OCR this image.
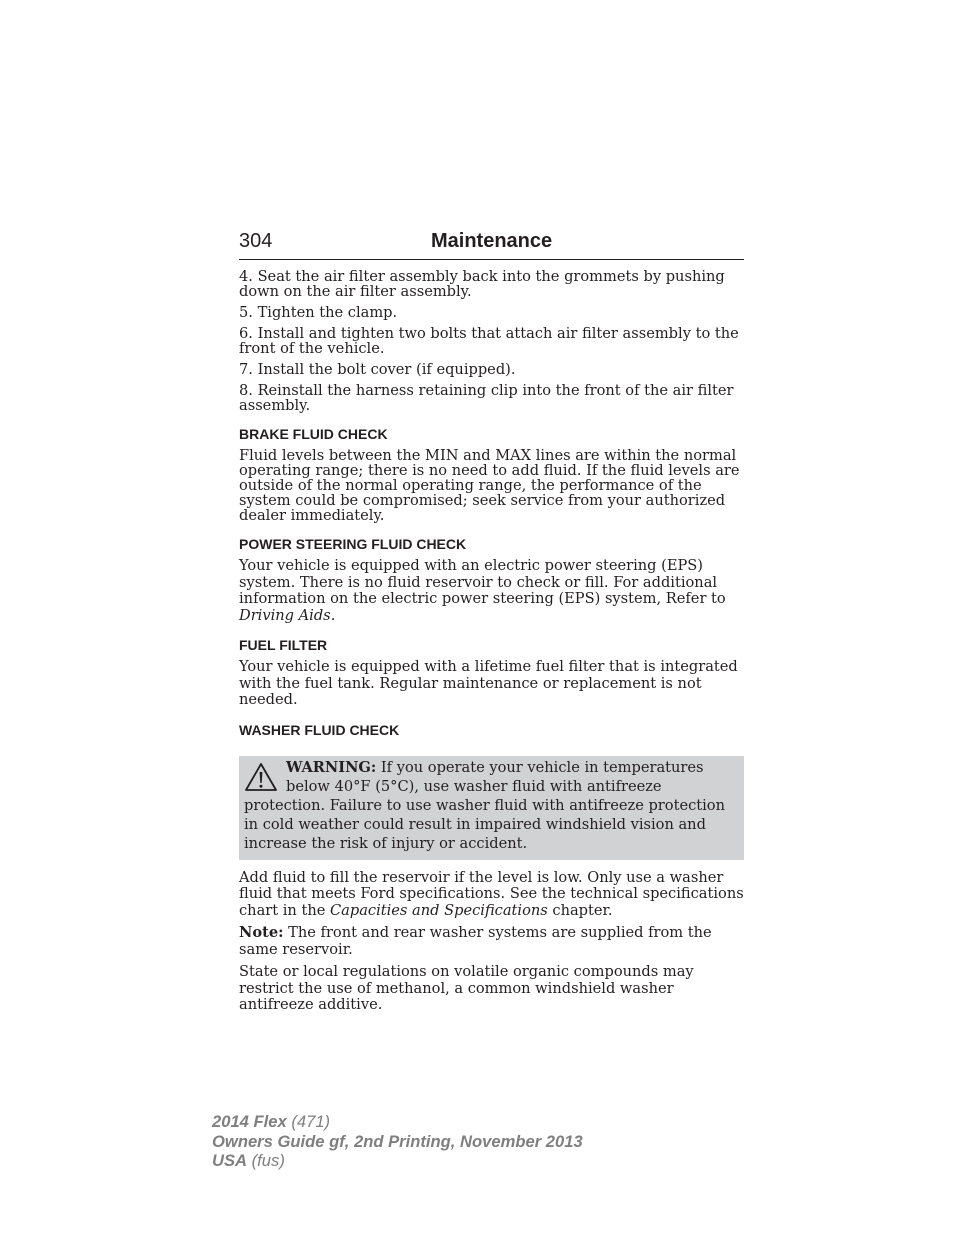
304	Maintenance

4. Seat the air filter assembly back into the grommets by pushing down on the air filter assembly.

5. Tighten the clamp.

6. Install and tighten two bolts that attach air filter assembly to the front of the vehicle.

7. Install the bolt cover (if equipped).

8. Reinstall the harness retaining clip into the front of the air filter assembly.

BRAKE FLUID CHECK

Fluid levels between the MIN and MAX lines are within the normal operating range; there is no need to add fluid. If the fluid levels are outside of the normal operating range, the performance of the system could be compromised; seek service from your authorized dealer immediately.

POWER STEERING FLUID CHECK

Your vehicle is equipped with an electric power steering (EPS) system. There is no fluid reservoir to check or fill. For additional information on the electric power steering (EPS) system, Refer to Driving Aids.

FUEL FILTER

Your vehicle is equipped with a lifetime fuel filter that is integrated with the fuel tank. Regular maintenance or replacement is not needed.

WASHER FLUID CHECK

WARNING: If you operate your vehicle in temperatures below 40°F (5°C), use washer fluid with antifreeze protection. Failure to use washer fluid with antifreeze protection in cold weather could result in impaired windshield vision and increase the risk of injury or accident.

Add fluid to fill the reservoir if the level is low. Only use a washer fluid that meets Ford specifications. See the technical specifications chart in the Capacities and Specifications chapter.

Note: The front and rear washer systems are supplied from the same reservoir.

State or local regulations on volatile organic compounds may restrict the use of methanol, a common windshield washer antifreeze additive.

2014 Flex (471)
Owners Guide gf, 2nd Printing, November 2013
USA (fus)
